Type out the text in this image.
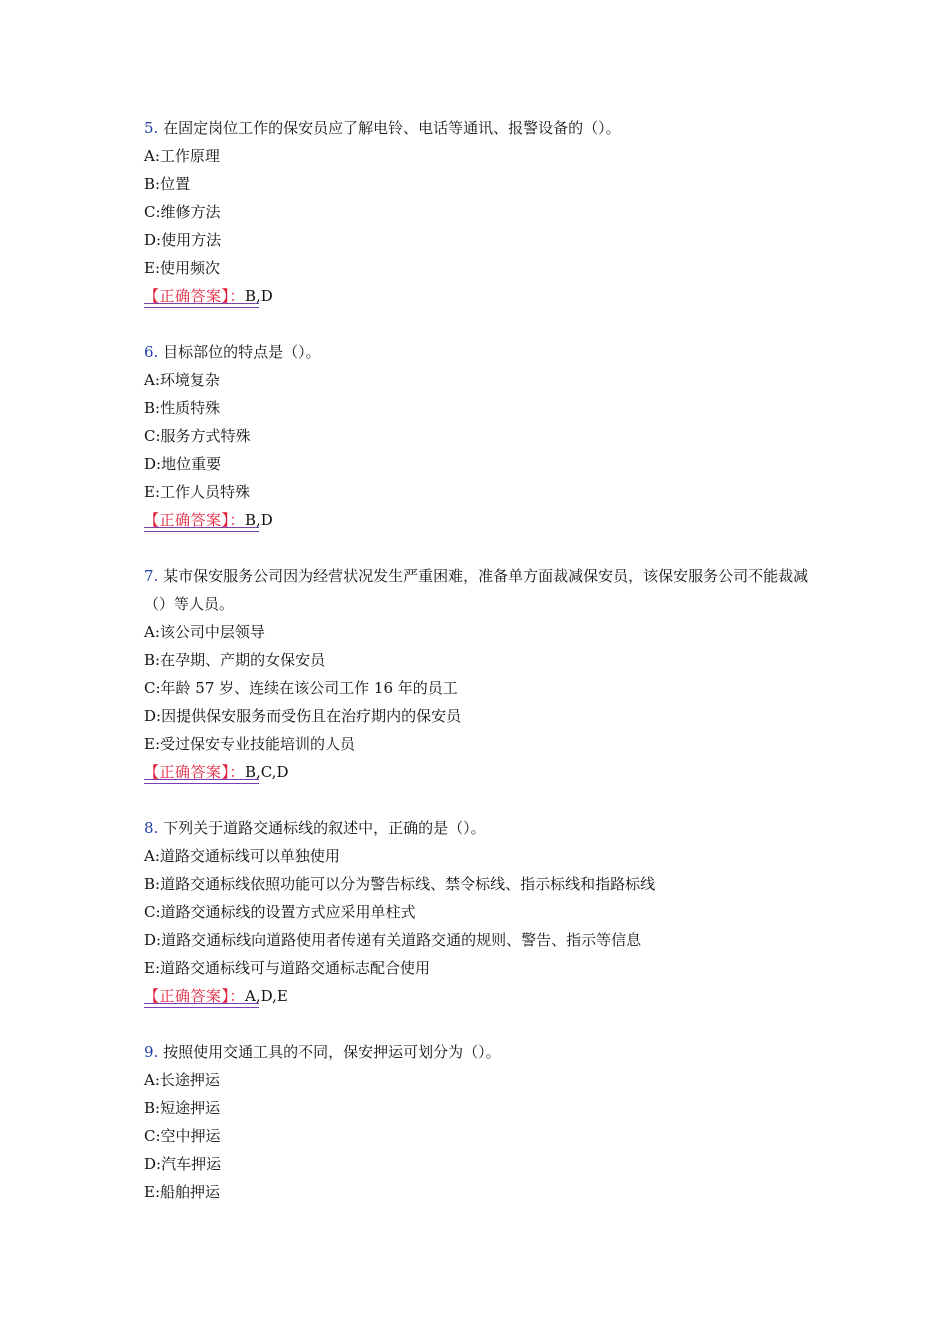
5. 在固定岗位工作的保安员应了解电铃、电话等通讯、报警设备的（）。

A:工作原理

B:位置

C:维修方法

D:使用方法

E:使用频次

【正确答案】：B,D

6. 目标部位的特点是（）。

A:环境复杂

B:性质特殊

C:服务方式特殊

D:地位重要

E:工作人员特殊

【正确答案】：B,D

7. 某市保安服务公司因为经营状况发生严重困难，准备单方面裁减保安员，该保安服务公司不能裁减（）等人员。

A:该公司中层领导

B:在孕期、产期的女保安员

C:年龄 57 岁、连续在该公司工作 16 年的员工

D:因提供保安服务而受伤且在治疗期内的保安员

E:受过保安专业技能培训的人员

【正确答案】：B,C,D

8. 下列关于道路交通标线的叙述中，正确的是（）。

A:道路交通标线可以单独使用

B:道路交通标线依照功能可以分为警告标线、禁令标线、指示标线和指路标线

C:道路交通标线的设置方式应采用单柱式

D:道路交通标线向道路使用者传递有关道路交通的规则、警告、指示等信息

E:道路交通标线可与道路交通标志配合使用

【正确答案】：A,D,E

9. 按照使用交通工具的不同，保安押运可划分为（）。

A:长途押运

B:短途押运

C:空中押运

D:汽车押运

E:船舶押运
